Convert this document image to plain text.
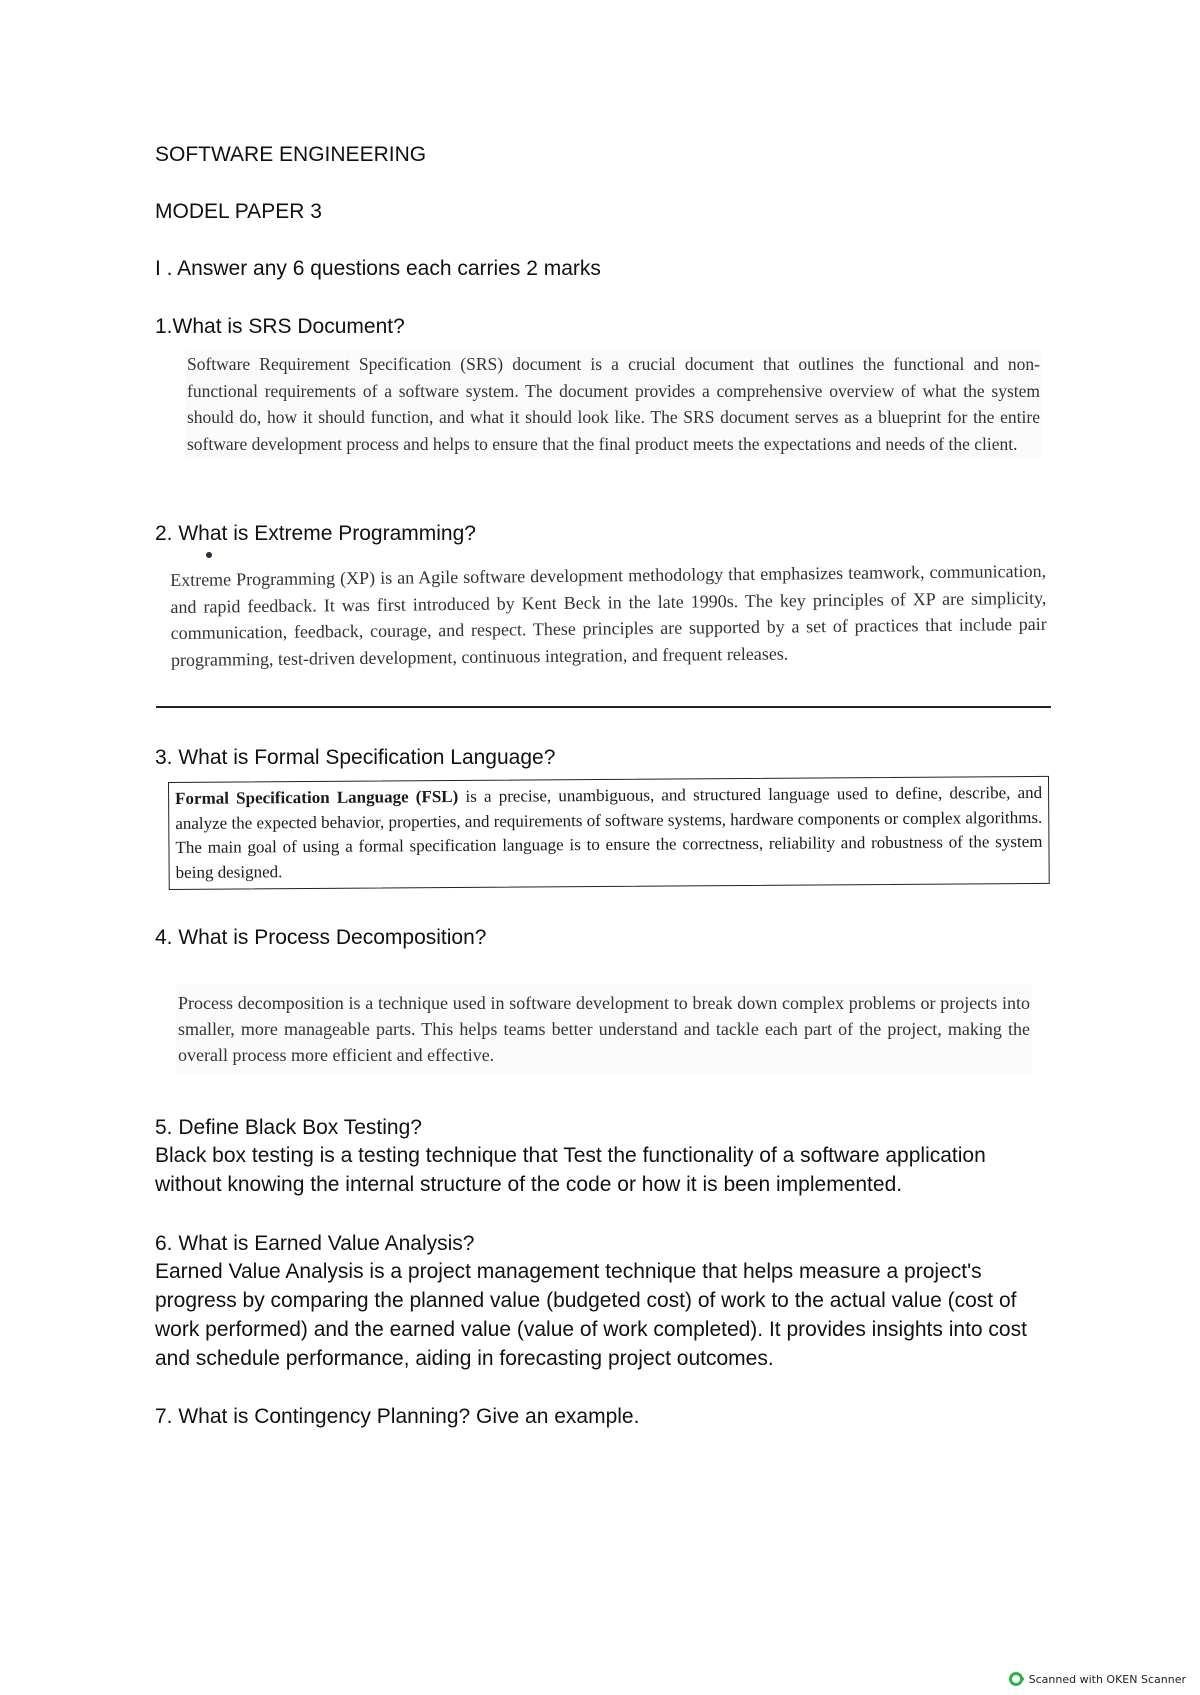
SOFTWARE ENGINEERING
MODEL PAPER 3
I . Answer any 6 questions each carries 2 marks
1.What is SRS Document?
Software Requirement Specification (SRS) document is a crucial document that outlines the functional and non-functional requirements of a software system. The document provides a comprehensive overview of what the system should do, how it should function, and what it should look like. The SRS document serves as a blueprint for the entire software development process and helps to ensure that the final product meets the expectations and needs of the client.
2. What is Extreme Programming?
Extreme Programming (XP) is an Agile software development methodology that emphasizes teamwork, communication, and rapid feedback. It was first introduced by Kent Beck in the late 1990s. The key principles of XP are simplicity, communication, feedback, courage, and respect. These principles are supported by a set of practices that include pair programming, test-driven development, continuous integration, and frequent releases.
3. What is Formal Specification Language?
Formal Specification Language (FSL) is a precise, unambiguous, and structured language used to define, describe, and analyze the expected behavior, properties, and requirements of software systems, hardware components or complex algorithms. The main goal of using a formal specification language is to ensure the correctness, reliability and robustness of the system being designed.
4. What is Process Decomposition?
Process decomposition is a technique used in software development to break down complex problems or projects into smaller, more manageable parts. This helps teams better understand and tackle each part of the project, making the overall process more efficient and effective.
5. Define Black Box Testing?
Black box testing is a testing technique that Test the functionality of a software application without knowing the internal structure of the code or how it is been implemented.
6. What is Earned Value Analysis?
Earned Value Analysis is a project management technique that helps measure a project's progress by comparing the planned value (budgeted cost) of work to the actual value (cost of work performed) and the earned value (value of work completed). It provides insights into cost and schedule performance, aiding in forecasting project outcomes.
7. What is Contingency Planning? Give an example.
Scanned with OKEN Scanner
